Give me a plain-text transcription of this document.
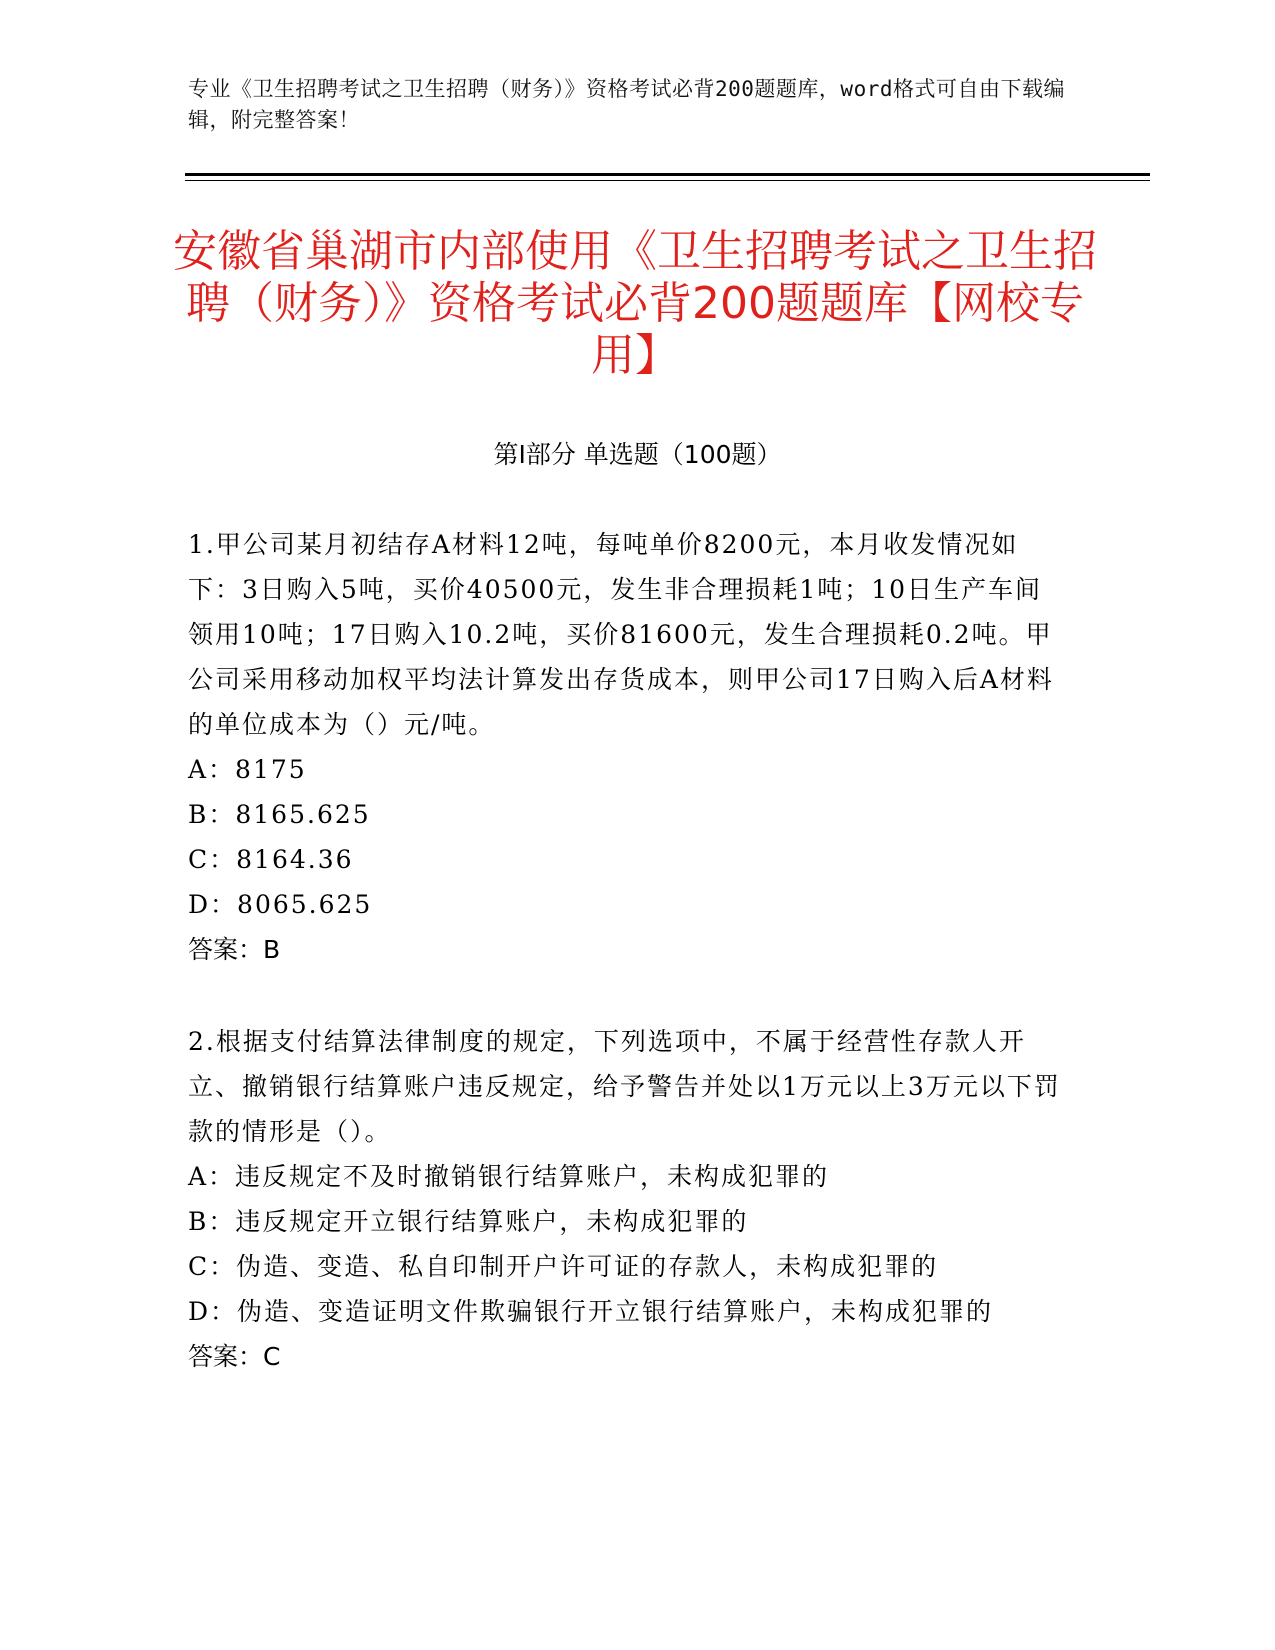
专业《卫生招聘考试之卫生招聘（财务）》资格考试必背200题题库，word格式可自由下载编辑，附完整答案！
安徽省巢湖市内部使用《卫生招聘考试之卫生招聘（财务）》资格考试必背200题题库【网校专用】
第Ⅰ部分 单选题（100题）

1.甲公司某月初结存A材料12吨，每吨单价8200元，本月收发情况如下：3日购入5吨，买价40500元，发生非合理损耗1吨；10日生产车间领用10吨；17日购入10.2吨，买价81600元，发生合理损耗0.2吨。甲公司采用移动加权平均法计算发出存货成本，则甲公司17日购入后A材料的单位成本为（）元/吨。

A：8175

B：8165.625

C：8164.36

D：8065.625

答案：B

2.根据支付结算法律制度的规定，下列选项中，不属于经营性存款人开立、撤销银行结算账户违反规定，给予警告并处以1万元以上3万元以下罚款的情形是（）。

A：违反规定不及时撤销银行结算账户，未构成犯罪的

B：违反规定开立银行结算账户，未构成犯罪的

C：伪造、变造、私自印制开户许可证的存款人，未构成犯罪的

D：伪造、变造证明文件欺骗银行开立银行结算账户，未构成犯罪的

答案：C
